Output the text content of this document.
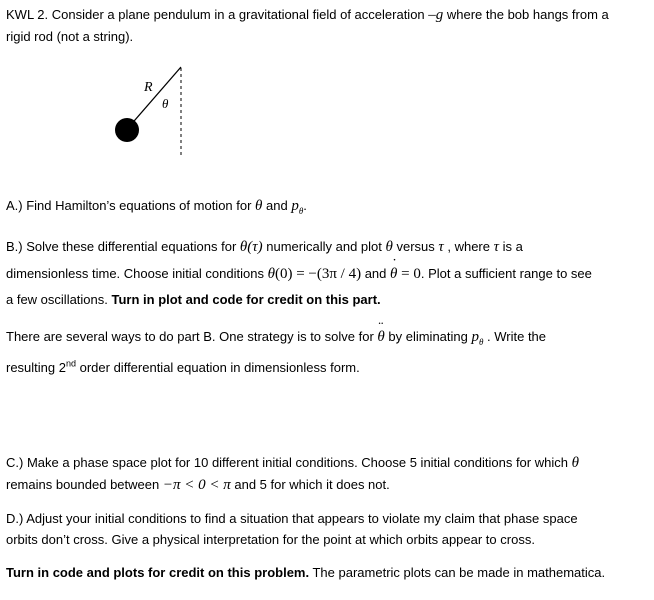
KWL 2. Consider a plane pendulum in a gravitational field of acceleration –g where the bob hangs from a
rigid rod (not a string).
R
θ
A.) Find Hamilton’s equations of motion for θ and $p_\theta$.
B.) Solve these differential equations for θ(τ) numerically and plot θ versus τ , where τ is a
dimensionless time. Choose initial conditions θ(0) = −(3π / 4) and ˙ θ = 0. Plot a sufficient range to see
a few oscillations. Turn in plot and code for credit on this part.
There are several ways to do part B. One strategy is to solve for ¨ θ by eliminating $p_\theta$ . Write the
resulting 2nd order differential equation in dimensionless form.
C.) Make a phase space plot for 10 different initial conditions. Choose 5 initial conditions for which θ
remains bounded between −π < 0 < π and 5 for which it does not.
D.) Adjust your initial conditions to find a situation that appears to violate my claim that phase space
orbits don’t cross. Give a physical interpretation for the point at which orbits appear to cross.
Turn in code and plots for credit on this problem. The parametric plots can be made in mathematica.
